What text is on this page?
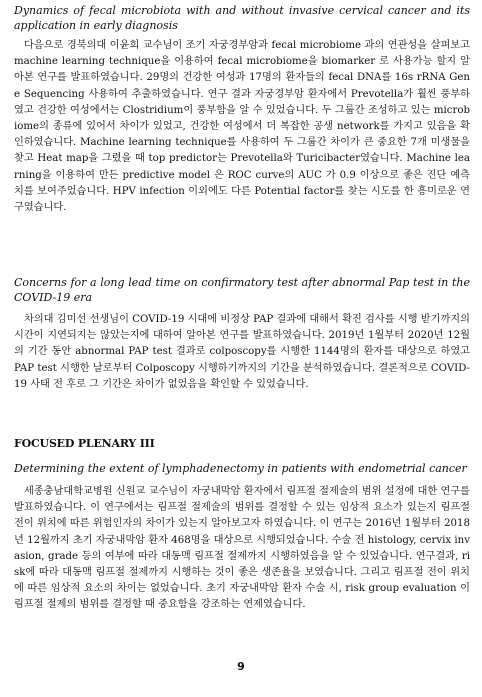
Dynamics of fecal microbiota with and without invasive cervical cancer and its application in early diagnosis
다음으로 경북의대 이윤희 교수님이 조기 자궁경부암과 fecal microbiome 과의 연관성을 살펴보고 machine learning technique을 이용하여 fecal microbiome을 biomarker 로 사용가능 할지 알아본 연구를 발표하였습니다. 29명의 건강한 여성과 17명의 환자들의 fecal DNA를 16s rRNA Gene Sequencing 사용하여 추출하였습니다. 연구 결과 자궁경부암 환자에서 Prevotella가 훨씬 풍부하였고 건강한 여성에서는 Clostridium이 풍부함을 알 수 있었습니다. 두 그룹간 조성하고 있는 microbiome의 종류에 있어서 차이가 있었고, 건강한 여성에서 더 복잡한 공생 network를 가지고 있음을 확인하였습니다. Machine learning technique를 사용하여 두 그룹간 차이가 큰 중요한 7개 미생물을 찾고 Heat map을 그렸을 때 top predictor는 Prevotella와 Turicibacter였습니다. Machine learning을 이용하여 만든 predictive model 은 ROC curve의 AUC 가 0.9 이상으로 좋은 진단 예측치를 보여주었습니다. HPV infection 이외에도 다른 Potential factor를 찾는 시도를 한 흥미로운 연구였습니다.
Concerns for a long lead time on confirmatory test after abnormal Pap test in the COVID-19 era
차의대 김미선 선생님이 COVID-19 시대에 비정상 PAP 결과에 대해서 확진 검사를 시행 받기까지의 시간이 지연되지는 않았는지에 대하여 알아본 연구를 발표하였습니다. 2019년 1월부터 2020년 12월의 기간 동안 abnormal PAP test 결과로 colposcopy를 시행한 1144명의 환자를 대상으로 하였고 PAP test 시행한 날로부터 Colposcopy 시행하기까지의 기간을 분석하였습니다. 결론적으로 COVID-19 사태 전 후로 그 기간은 차이가 없었음을 확인할 수 있었습니다.
FOCUSED PLENARY III
Determining the extent of lymphadenectomy in patients with endometrial cancer
세종충남대학교병원 신원교 교수님이 자궁내막암 환자에서 림프절 절제술의 범위 설정에 대한 연구를 발표하였습니다. 이 연구에서는 림프절 절제술의 범위를 결정할 수 있는 임상적 요소가 있는지 림프절 전이 위치에 따른 위험인자의 차이가 있는지 알아보고자 하였습니다. 이 연구는 2016년 1월부터 2018년 12월까지 초기 자궁내막암 환자 468명을 대상으로 시행되었습니다. 수술 전 histology, cervix invasion, grade 등의 여부에 따라 대동맥 림프절 절제까지 시행하였음을 알 수 있었습니다. 연구결과, risk에 따라 대동맥 림프절 절제까지 시행하는 것이 좋은 생존율을 보였습니다. 그리고 림프절 전이 위치에 따른 임상적 요소의 차이는 없었습니다. 초기 자궁내막암 환자 수술 시, risk group evaluation 이 림프절 절제의 범위를 결정할 때 중요함을 강조하는 연제였습니다.
9
